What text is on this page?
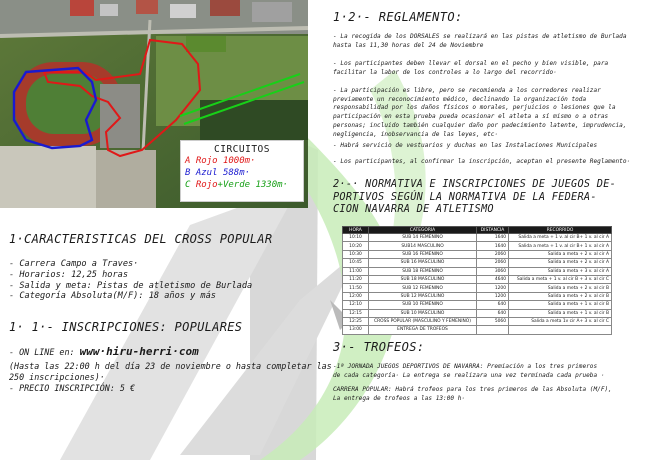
CIRCUITOS
A Rojo 1000m·
B Azul 588m·
C Rojo+Verde 1330m·
1·CARACTERISTICAS DEL CROSS POPULAR
- Carrera Campo a Traves·
- Horarios: 12,25 horas
- Salida y meta: Pistas de atletismo de Burlada
- Categoría Absoluta(M/F): 18 años y más
1· 1·- INSCRIPCIONES: POPULARES
- ON LINE en: www·hiru-herri·com
(Hasta las 22:00 h del día 23 de noviembre o hasta completar las
250 inscripciones)·
- PRECIO INSCRIPCIÓN: 5 €
1·2·- REGLAMENTO:
- La recogida de los DORSALES se realizará en las pistas de atletismo de Burlada hasta las 11,30 horas del 24 de Noviembre
- Los participantes deben llevar el dorsal en el pecho y bien visible, para facilitar la labor de los controles a lo largo del recorrido·
- La participación es libre, pero se recomienda a los corredores realizar previamente un reconocimiento médico, declinando la organización toda responsabilidad por los daños físicos o morales, perjuicios o lesiones que la participación en esta prueba pueda ocasionar el atleta a sí mismo o a otras personas; incluido también cualquier daño por padecimiento latente, imprudencia, negligencia, inobservancia de las leyes, etc·
- Habrá servicio de vestuarios y duchas en las Instalaciones Municipales
- Los participantes, al confirmar la inscripción, aceptan el presente Reglamento·
2·-· NORMATIVA E INSCRIPCIONES DE JUEGOS DE-
PORTIVOS SEGÚN LA NORMATIVA DE LA FEDERA-
CION NAVARRA DE ATLETISMO
HORA	CATEGORIA	DISTANCIA	RECORRIDO
10:10	SUB 14 FEMENINO	1640	Salida a meta + 1 v. al cir B+ 1 v. al cir A
10:20	SUB14 MASCULINO	1640	Salida a meta + 1 v. al cir B+ 1 v. al cir A
10:30	SUB 16 FEMENINO	2060	Salida a meta + 2 v. al cir A
10:45	SUB 16 MASCULINO	2060	Salida a meta + 2 v. al cir A
11:00	SUB 18 FEMENINO	3060	Salida a meta + 3 v. al cir A
11:20	SUB 18 MASCULINO	4640	Salida a meta + 1 v. al cir B + 3 v. al cir C
11:50	SUB 12 FEMENINO	1200	Salida a meta + 2 v. al cir B
12:00	SUB 12 MASCULINO	1200	Salida a meta + 2 v. al cir B
12:10	SUB 10 FEMENINO	640	Salida a meta + 1 v. al cir B
12:15	SUB 10 MASCULINO	640	Salida a meta + 1 v. al cir B
12:25	CROSS POPULAR (MASCULINO Y FEMENINO)	5060	Salida a meta 1v cir A+ 3 v. al cir C
13:00	ENTREGA DE TROFEOS		
3·- TROFEOS:
-1ª JORNADA JUEGOS DEPORTIVOS DE NAVARRA: Premiación a los tres primeros
de cada categoría· La entrega se realizara una vez terminada cada prueba ·
CARRERA POPULAR: Habrá trofeos para los tres primeros de las Absoluta (M/F),
La entrega de trofeos a las 13:00 h·
